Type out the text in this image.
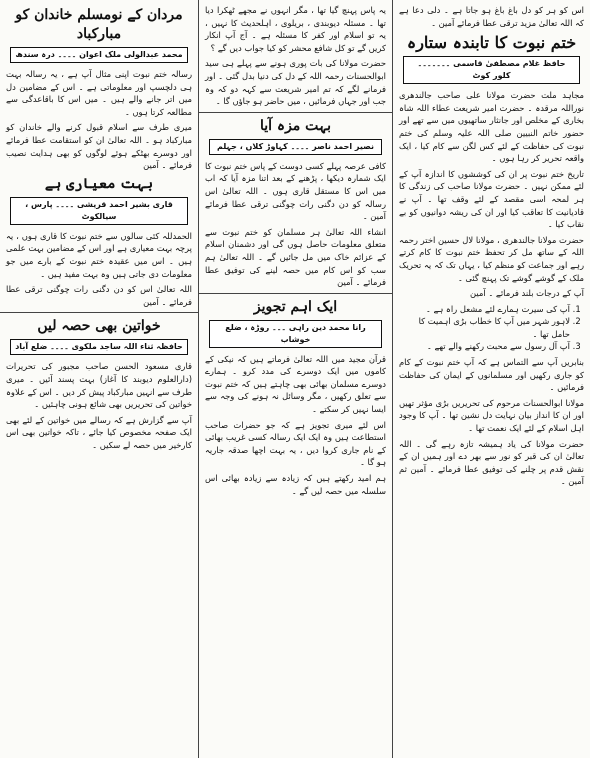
اس کو ہر کو دل باغ باغ ہو جاتا ہے ۔ دلی دعا ہے کہ اللہ تعالیٰ مزید ترقی عطا فرمائے آمین ۔

ختم نبوت کا تابندہ ستارہ
حافظ غلام مصطفیٰ قاسمی ۔۔۔۔۔۔۔ کلور کوٹ

مجاہد ملت حضرت مولانا علی صاحب جالندھری نوراللہ مرقدہ ۔ حضرت امیر شریعت عطاء اللہ شاہ بخاری کے مخلص اور جانثار ساتھیوں میں سے تھے اور حضور خاتم النبیین صلی اللہ علیہ وسلم کی ختم نبوت کی حفاظت کے لئے کس لگن سے کام کیا ، ایک واقعہ تحریر کر رہا ہوں ۔

تاریخ ختم نبوت پر ان کی کوششوں کا اندازہ آپ کے لئے ممکن نہیں ۔ حضرت مولانا صاحب کی زندگی کا ہر لمحہ اسی مقصد کے لئے وقف تھا ۔ آپ نے قادیانیت کا تعاقب کیا اور ان کی ریشہ دوانیوں کو بے نقاب کیا ۔

حضرت مولانا جالندھری ، مولانا لال حسین اختر رحمہ اللہ کے ساتھ مل کر تحفظ ختم نبوت کا کام کرتے رہے اور جماعت کو منظم کیا ، یہاں تک کہ یہ تحریک ملک کے گوشے گوشے تک پہنچ گئی ۔

آپ کے درجات بلند فرمائے ۔ آمین

1. آپ کی سیرت ہمارے لئے مشعل راہ ہے ۔
2. لاہور شہر میں آپ کا خطاب بڑی اہمیت کا حامل تھا ۔
3. آپ آل رسول سے محبت رکھنے والے تھے ۔

بنابریں آپ سے التماس ہے کہ آپ ختم نبوت کے کام کو جاری رکھیں اور مسلمانوں کے ایمان کی حفاظت فرمائیں ۔

مولانا ابوالحسنات مرحوم کی تحریریں بڑی مؤثر تھیں اور ان کا انداز بیان نہایت دل نشین تھا ۔ آپ کا وجود اہل اسلام کے لئے ایک نعمت تھا ۔

حضرت مولانا کی یاد ہمیشہ تازہ رہے گی ۔ اللہ تعالیٰ ان کی قبر کو نور سے بھر دے اور ہمیں ان کے نقش قدم پر چلنے کی توفیق عطا فرمائے ۔ آمین ثم آمین ۔

یہ پاس پہنچ گیا تھا ، مگر انہوں نے مجھے ٹھکرا دیا تھا ۔ مسئلہ دیوبندی ، بریلوی ، اہلحدیث کا نہیں ، یہ تو اسلام اور کفر کا مسئلہ ہے ۔ آج آپ انکار کریں گے تو کل شافع محشر کو کیا جواب دیں گے ؟

حضرت مولانا کی بات پوری ہونے سے پہلے ہی سید ابوالحسنات رحمہ اللہ کے دل کی دنیا بدل گئی ۔ اور فرمانے لگے کہ تم امیر شریعت سے کہہ دو کہ وہ جب اور جہاں فرمائیں ، میں حاضر ہو جاؤں گا ۔

بہت مزہ آیا
نصیر احمد ناصر ۔۔۔۔ کہاوڑ کلاں ، جہلم

کافی عرصہ پہلے کسی دوست کے پاس ختم نبوت کا ایک شمارہ دیکھا ، پڑھنے کے بعد اتنا مزہ آیا کہ اب میں اس کا مستقل قاری ہوں ۔ اللہ تعالیٰ اس رسالہ کو دن دگنی رات چوگنی ترقی عطا فرمائے آمین ۔

انشاء اللہ تعالیٰ ہر مسلمان کو ختم نبوت سے متعلق معلومات حاصل ہوں گی اور دشمنان اسلام کے عزائم خاک میں مل جائیں گے ۔ اللہ تعالیٰ ہم سب کو اس کام میں حصہ لینے کی توفیق عطا فرمائے ۔ آمین

ایک اہم تجویز
رانا محمد دین راہی ۔۔۔ روڑہ ، ضلع خوشاب

قرآن مجید میں اللہ تعالیٰ فرماتے ہیں کہ نیکی کے کاموں میں ایک دوسرے کی مدد کرو ۔ ہمارے دوسرے مسلمان بھائی بھی چاہتے ہیں کہ ختم نبوت سے تعلق رکھیں ، مگر وسائل نہ ہونے کی وجہ سے ایسا نہیں کر سکتے ۔

اس لئے میری تجویز ہے کہ جو حضرات صاحب استطاعت ہیں وہ ایک ایک رسالہ کسی غریب بھائی کے نام جاری کروا دیں ، یہ بہت اچھا صدقہ جاریہ ہو گا ۔

ہم امید رکھتے ہیں کہ زیادہ سے زیادہ بھائی اس سلسلہ میں حصہ لیں گے ۔

مردان کے نومسلم خاندان کو مبارکباد
محمد عبدالولی ملک اعوان ۔۔۔۔ درہ سندھ

رسالہ ختم نبوت اپنی مثال آپ ہے ، یہ رسالہ بہت ہی دلچسپ اور معلوماتی ہے ۔ اس کے مضامین دل میں اتر جانے والے ہیں ۔ میں اس کا باقاعدگی سے مطالعہ کرتا ہوں ۔

میری طرف سے اسلام قبول کرنے والے خاندان کو مبارکباد ہو ۔ اللہ تعالیٰ ان کو استقامت عطا فرمائے اور دوسرے بھٹکے ہوئے لوگوں کو بھی ہدایت نصیب فرمائے ۔ آمین

بہت معیاری ہے
قاری بشیر احمد قریشی ۔۔۔۔ پارس ، سیالکوٹ

الحمدللہ کئی سالوں سے ختم نبوت کا قاری ہوں ، یہ پرچہ بہت معیاری ہے اور اس کے مضامین بہت علمی ہیں ۔ اس میں عقیدہ ختم نبوت کے بارے میں جو معلومات دی جاتی ہیں وہ بہت مفید ہیں ۔

اللہ تعالیٰ اس کو دن دگنی رات چوگنی ترقی عطا فرمائے ۔ آمین

خواتین بھی حصہ لیں
حافظہ ثناء اللہ ساجد ملکوی ۔۔۔۔ ضلع آباد

قاری مسعود الحسن صاحب مجبور کی تحریرات (دارالعلوم دیوبند کا آغاز) بہت پسند آئیں ۔ میری طرف سے انہیں مبارکباد پیش کر دیں ۔ اس کے علاوہ خواتین کی تحریریں بھی شائع ہونی چاہئیں ۔

آپ سے گزارش ہے کہ رسالے میں خواتین کے لئے بھی ایک صفحہ مخصوص کیا جائے ، تاکہ خواتین بھی اس کارخیر میں حصہ لے سکیں ۔
